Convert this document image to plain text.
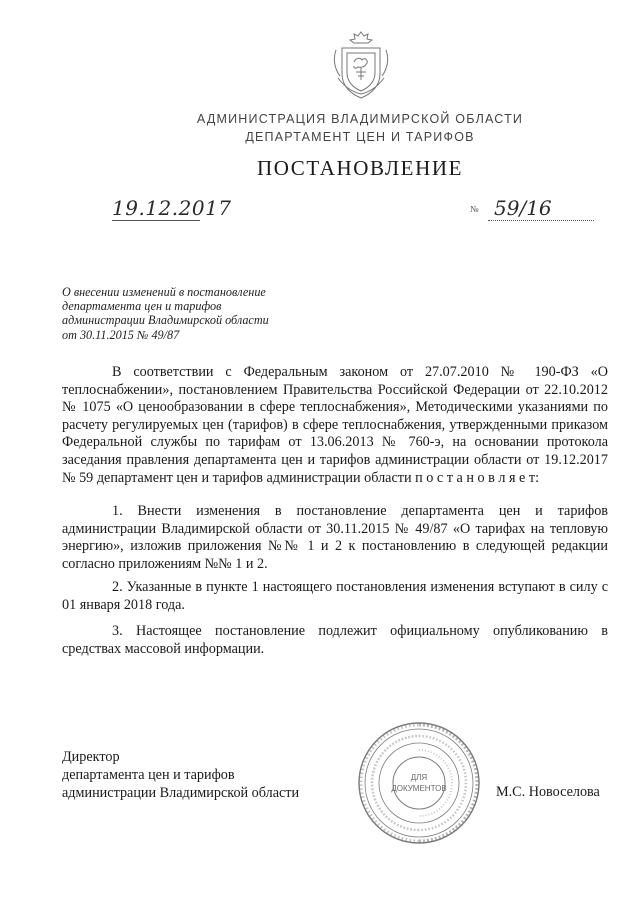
АДМИНИСТРАЦИЯ ВЛАДИМИРСКОЙ ОБЛАСТИ
ДЕПАРТАМЕНТ ЦЕН И ТАРИФОВ
ПОСТАНОВЛЕНИЕ
19.12.2017	№ 59/16
О внесении изменений в постановление
департамента цен и тарифов
администрации Владимирской области
от 30.11.2015 № 49/87
В соответствии с Федеральным законом от 27.07.2010 № 190-ФЗ «О теплоснабжении», постановлением Правительства Российской Федерации от 22.10.2012 № 1075 «О ценообразовании в сфере теплоснабжения», Методическими указаниями по расчету регулируемых цен (тарифов) в сфере теплоснабжения, утвержденными приказом Федеральной службы по тарифам от 13.06.2013 № 760-э, на основании протокола заседания правления департамента цен и тарифов администрации области от 19.12.2017 № 59 департамент цен и тарифов администрации области п о с т а н о в л я е т:
1. Внести изменения в постановление департамента цен и тарифов администрации Владимирской области от 30.11.2015 № 49/87 «О тарифах на тепловую энергию», изложив приложения №№ 1 и 2 к постановлению в следующей редакции согласно приложениям №№ 1 и 2.
2. Указанные в пункте 1 настоящего постановления изменения вступают в силу с 01 января 2018 года.
3. Настоящее постановление подлежит официальному опубликованию в средствах массовой информации.
Директор
департамента цен и тарифов
администрации Владимирской области
ДЛЯ
ДОКУМЕНТОВ	М.С. Новоселова
